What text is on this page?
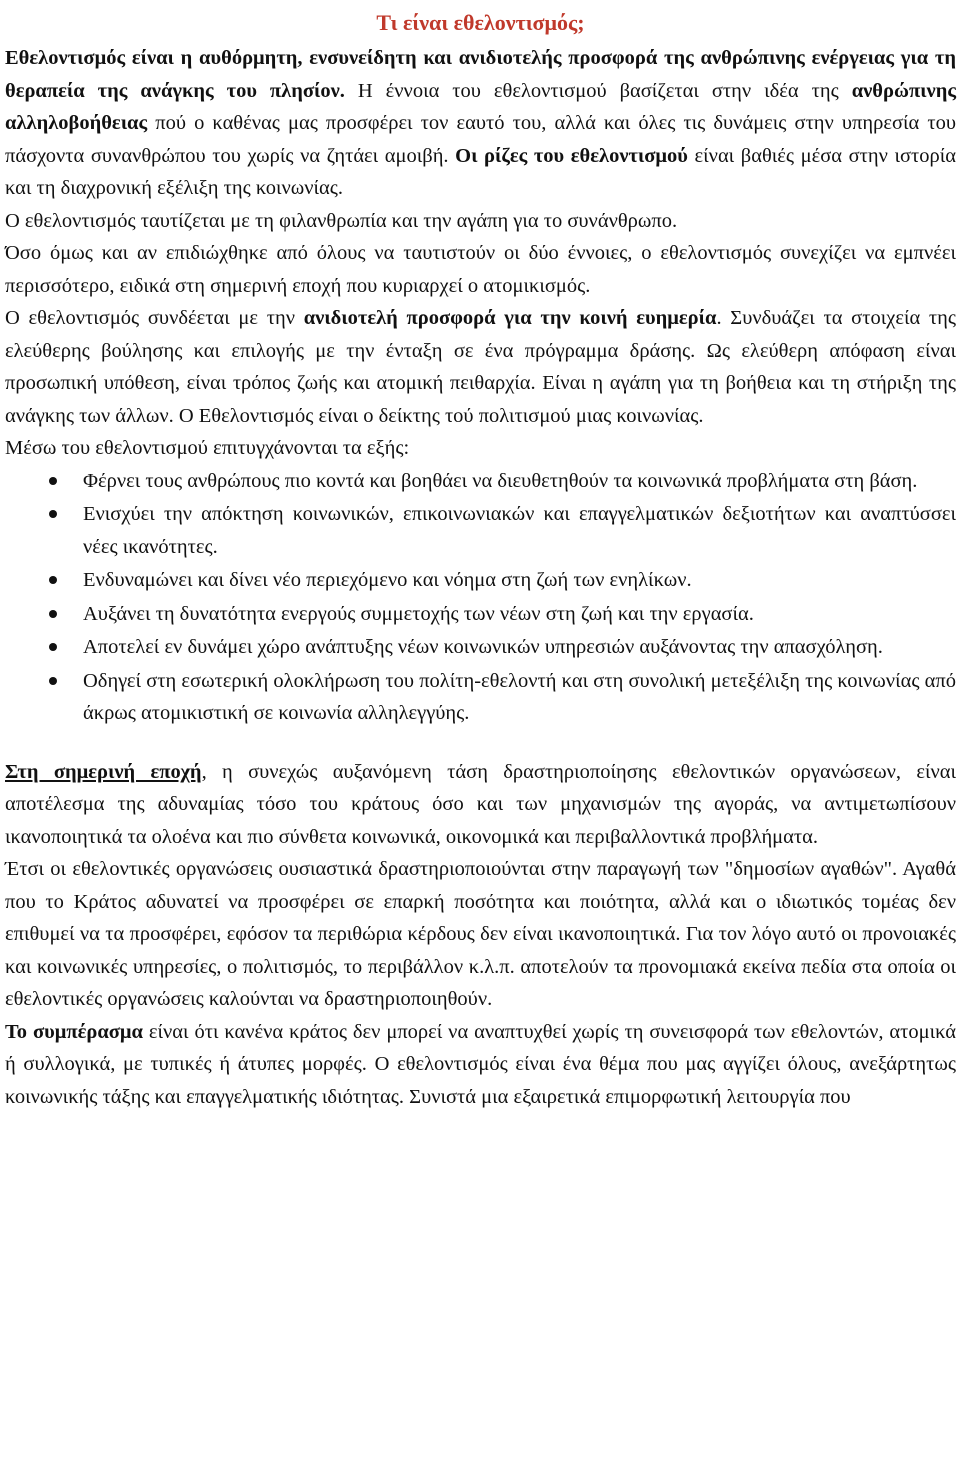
Τι είναι εθελοντισμός;

Εθελοντισμός είναι η αυθόρμητη, ενσυνείδητη και ανιδιοτελής προσφορά της ανθρώπινης ενέργειας για τη θεραπεία της ανάγκης του πλησίον. Η έννοια του εθελοντισμού βασίζεται στην ιδέα της ανθρώπινης αλληλοβοήθειας πού ο καθένας μας προσφέρει τον εαυτό του, αλλά και όλες τις δυνάμεις στην υπηρεσία του πάσχοντα συνανθρώπου του χωρίς να ζητάει αμοιβή. Οι ρίζες του εθελοντισμού είναι βαθιές μέσα στην ιστορία και τη διαχρονική εξέλιξη της κοινωνίας.

Ο εθελοντισμός ταυτίζεται με τη φιλανθρωπία και την αγάπη για το συνάνθρωπο.

Όσο όμως και αν επιδιώχθηκε από όλους να ταυτιστούν οι δύο έννοιες, ο εθελοντισμός συνεχίζει να εμπνέει περισσότερο, ειδικά στη σημερινή εποχή που κυριαρχεί ο ατομικισμός.

Ο εθελοντισμός συνδέεται με την ανιδιοτελή προσφορά για την κοινή ευημερία. Συνδυάζει τα στοιχεία της ελεύθερης βούλησης και επιλογής με την ένταξη σε ένα πρόγραμμα δράσης. Ως ελεύθερη απόφαση είναι προσωπική υπόθεση, είναι τρόπος ζωής και ατομική πειθαρχία. Είναι η αγάπη για τη βοήθεια και τη στήριξη της ανάγκης των άλλων. Ο Εθελοντισμός είναι ο δείκτης τού πολιτισμού μιας κοινωνίας.

Μέσω του εθελοντισμού επιτυγχάνονται τα εξής:

Φέρνει τους ανθρώπους πιο κοντά και βοηθάει να διευθετηθούν τα κοινωνικά προβλήματα στη βάση.
Ενισχύει την απόκτηση κοινωνικών, επικοινωνιακών και επαγγελματικών δεξιοτήτων και αναπτύσσει νέες ικανότητες.
Ενδυναμώνει και δίνει νέο περιεχόμενο και νόημα στη ζωή των ενηλίκων.
Αυξάνει τη δυνατότητα ενεργούς συμμετοχής των νέων στη ζωή και την εργασία.
Αποτελεί εν δυνάμει χώρο ανάπτυξης νέων κοινωνικών υπηρεσιών αυξάνοντας την απασχόληση.
Οδηγεί στη εσωτερική ολοκλήρωση του πολίτη-εθελοντή και στη συνολική μετεξέλιξη της κοινωνίας από άκρως ατομικιστική σε κοινωνία αλληλεγγύης.

Στη σημερινή εποχή, η συνεχώς αυξανόμενη τάση δραστηριοποίησης εθελοντικών οργανώσεων, είναι αποτέλεσμα της αδυναμίας τόσο του κράτους όσο και των μηχανισμών της αγοράς, να αντιμετωπίσουν ικανοποιητικά τα ολοένα και πιο σύνθετα κοινωνικά, οικονομικά και περιβαλλοντικά προβλήματα.

Έτσι οι εθελοντικές οργανώσεις ουσιαστικά δραστηριοποιούνται στην παραγωγή των "δημοσίων αγαθών". Αγαθά που το Κράτος αδυνατεί να προσφέρει σε επαρκή ποσότητα και ποιότητα, αλλά και ο ιδιωτικός τομέας δεν επιθυμεί να τα προσφέρει, εφόσον τα περιθώρια κέρδους δεν είναι ικανοποιητικά. Για τον λόγο αυτό οι προνοιακές και κοινωνικές υπηρεσίες, ο πολιτισμός, το περιβάλλον κ.λ.π. αποτελούν τα προνομιακά εκείνα πεδία στα οποία οι εθελοντικές οργανώσεις καλούνται να δραστηριοποιηθούν.

Το συμπέρασμα είναι ότι κανένα κράτος δεν μπορεί να αναπτυχθεί χωρίς τη συνεισφορά των εθελοντών, ατομικά ή συλλογικά, με τυπικές ή άτυπες μορφές. Ο εθελοντισμός είναι ένα θέμα που μας αγγίζει όλους, ανεξάρτητως κοινωνικής τάξης και επαγγελματικής ιδιότητας. Συνιστά μια εξαιρετικά επιμορφωτική λειτουργία που
